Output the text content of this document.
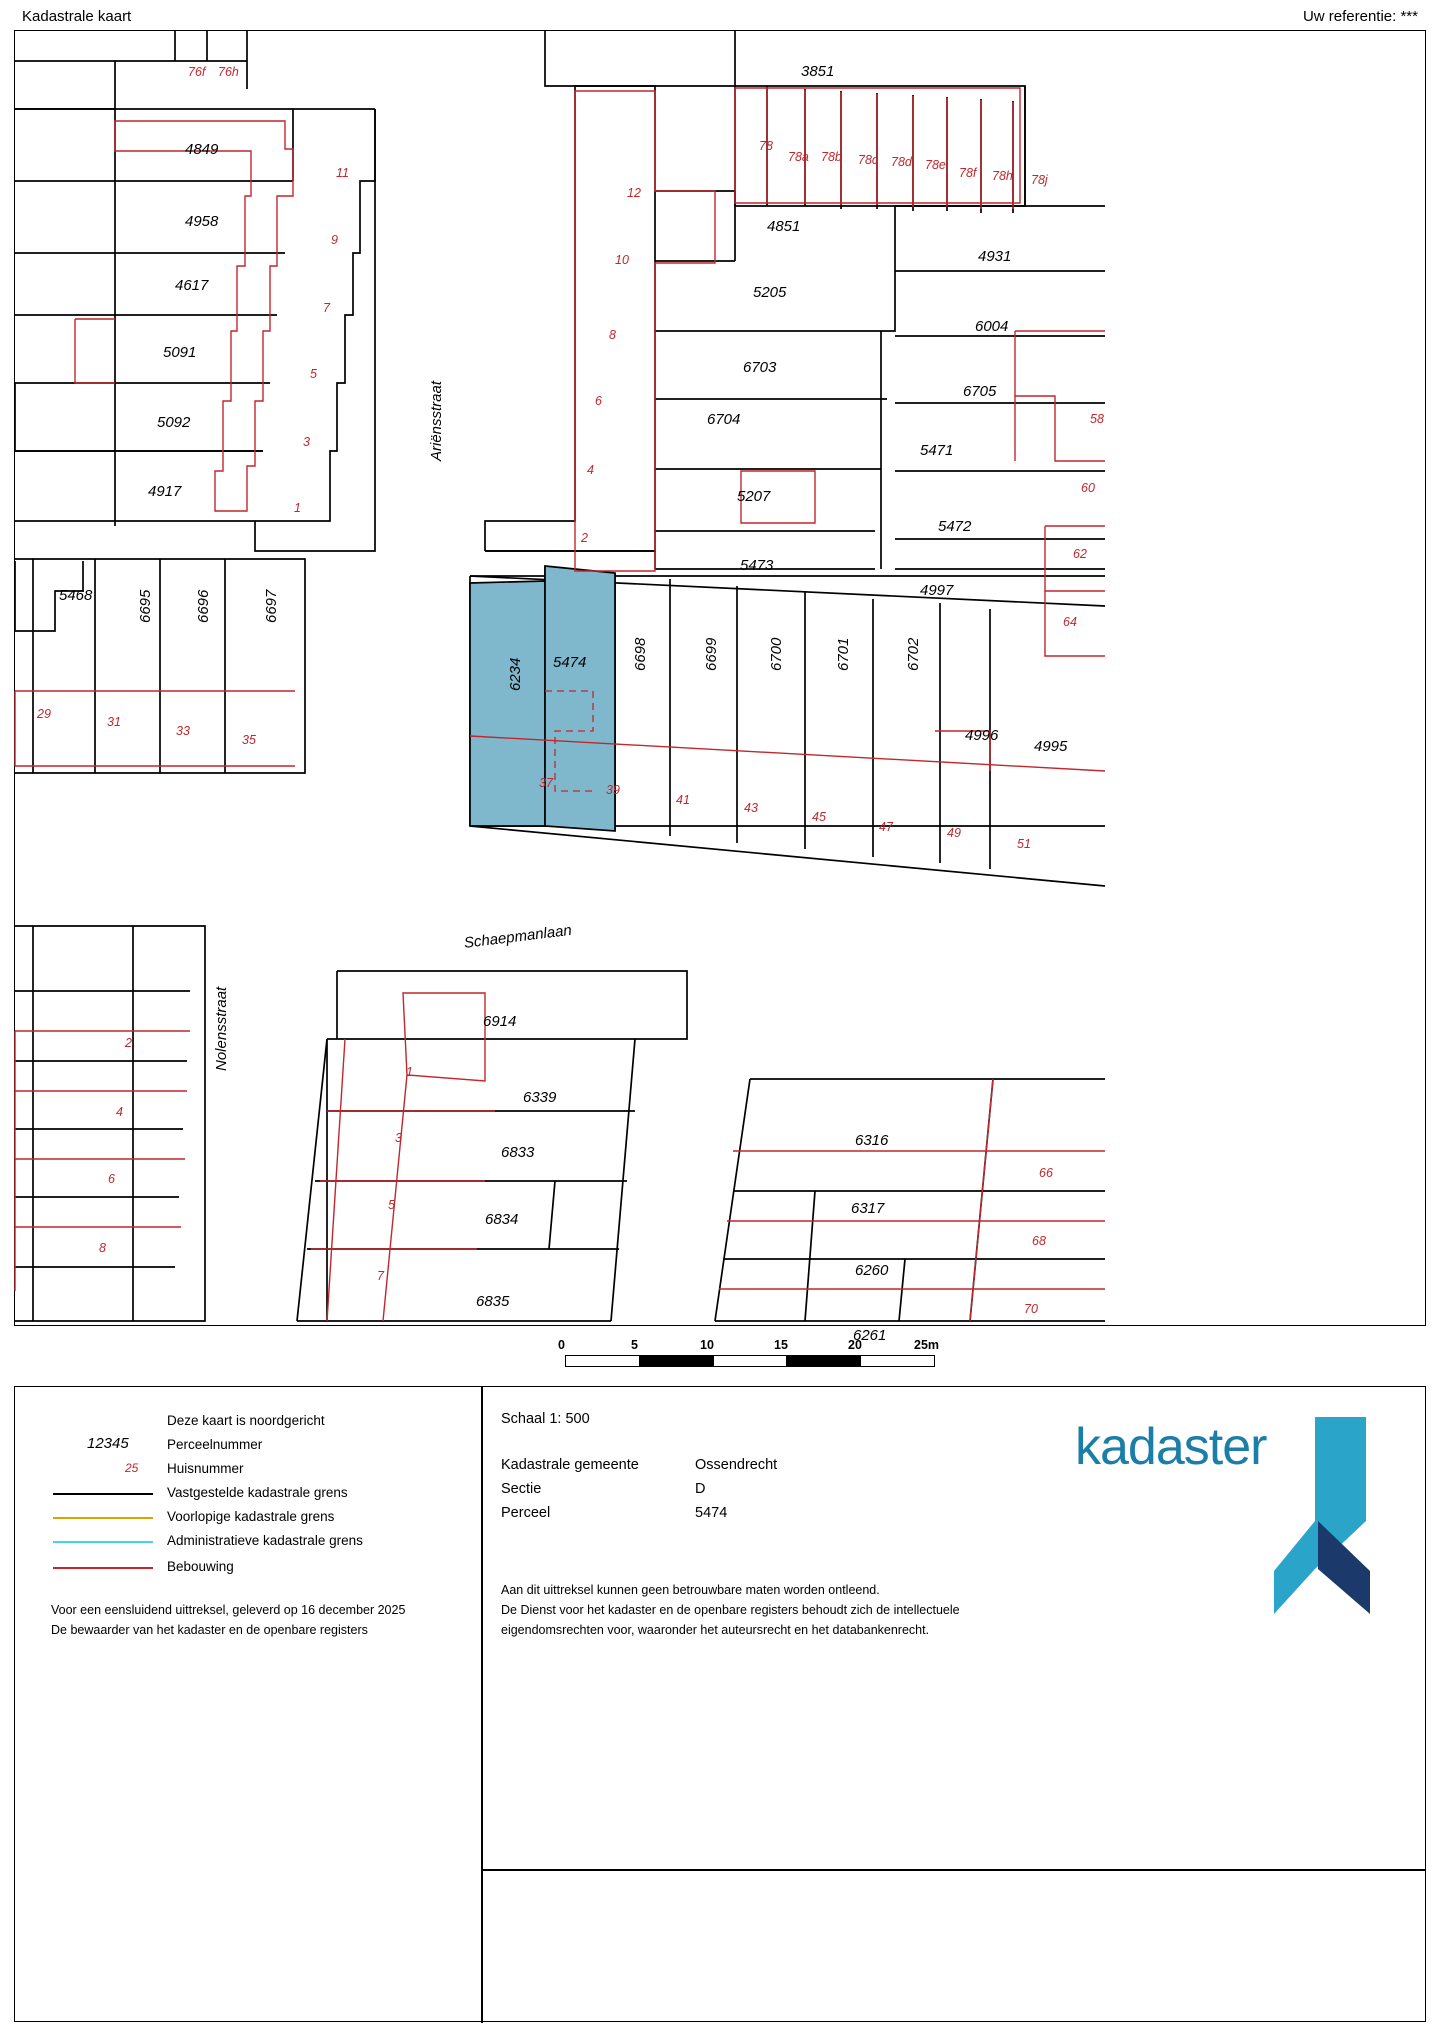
Kadastrale kaart	Uw referentie: ***
Ariënsstraat
Schaepmanlaan
Nolensstraat
4849
4958
4617
5091
5092
4917
5468	6695	6696	6697
3851
4851
5205
6703
6704
5207
5473
4931
6004
6705
5471
5472
4997
5474
6234
6698	6699	6700	6701	6702
4996
4995
6914
6339
6833
6834
6835
6316
6317
6260
6261
76f 76h
11
9
7
5
3
1
29
31
33
35
12
10
8
6
4
2
78
78a 78b 78c 78d 78e
78f 78h 78j
58
60
62
64
37	39
41
43
45
47	49
51
2
4
6
8
1
3
5
7
66
68
70
0	5	10	15	20	25m
Deze kaart is noordgericht
12345	Perceelnummer
25 Huisnummer
Vastgestelde kadastrale grens
Voorlopige kadastrale grens
Administratieve kadastrale grens
Bebouwing
Voor een eensluidend uittreksel, geleverd op 16 december 2025
De bewaarder van het kadaster en de openbare registers
Schaal 1: 500
Kadastrale gemeente	Ossendrecht
Sectie	D
Perceel	5474
Aan dit uittreksel kunnen geen betrouwbare maten worden ontleend.
De Dienst voor het kadaster en de openbare registers behoudt zich de intellectuele
eigendomsrechten voor, waaronder het auteursrecht en het databankenrecht.
kadaster
